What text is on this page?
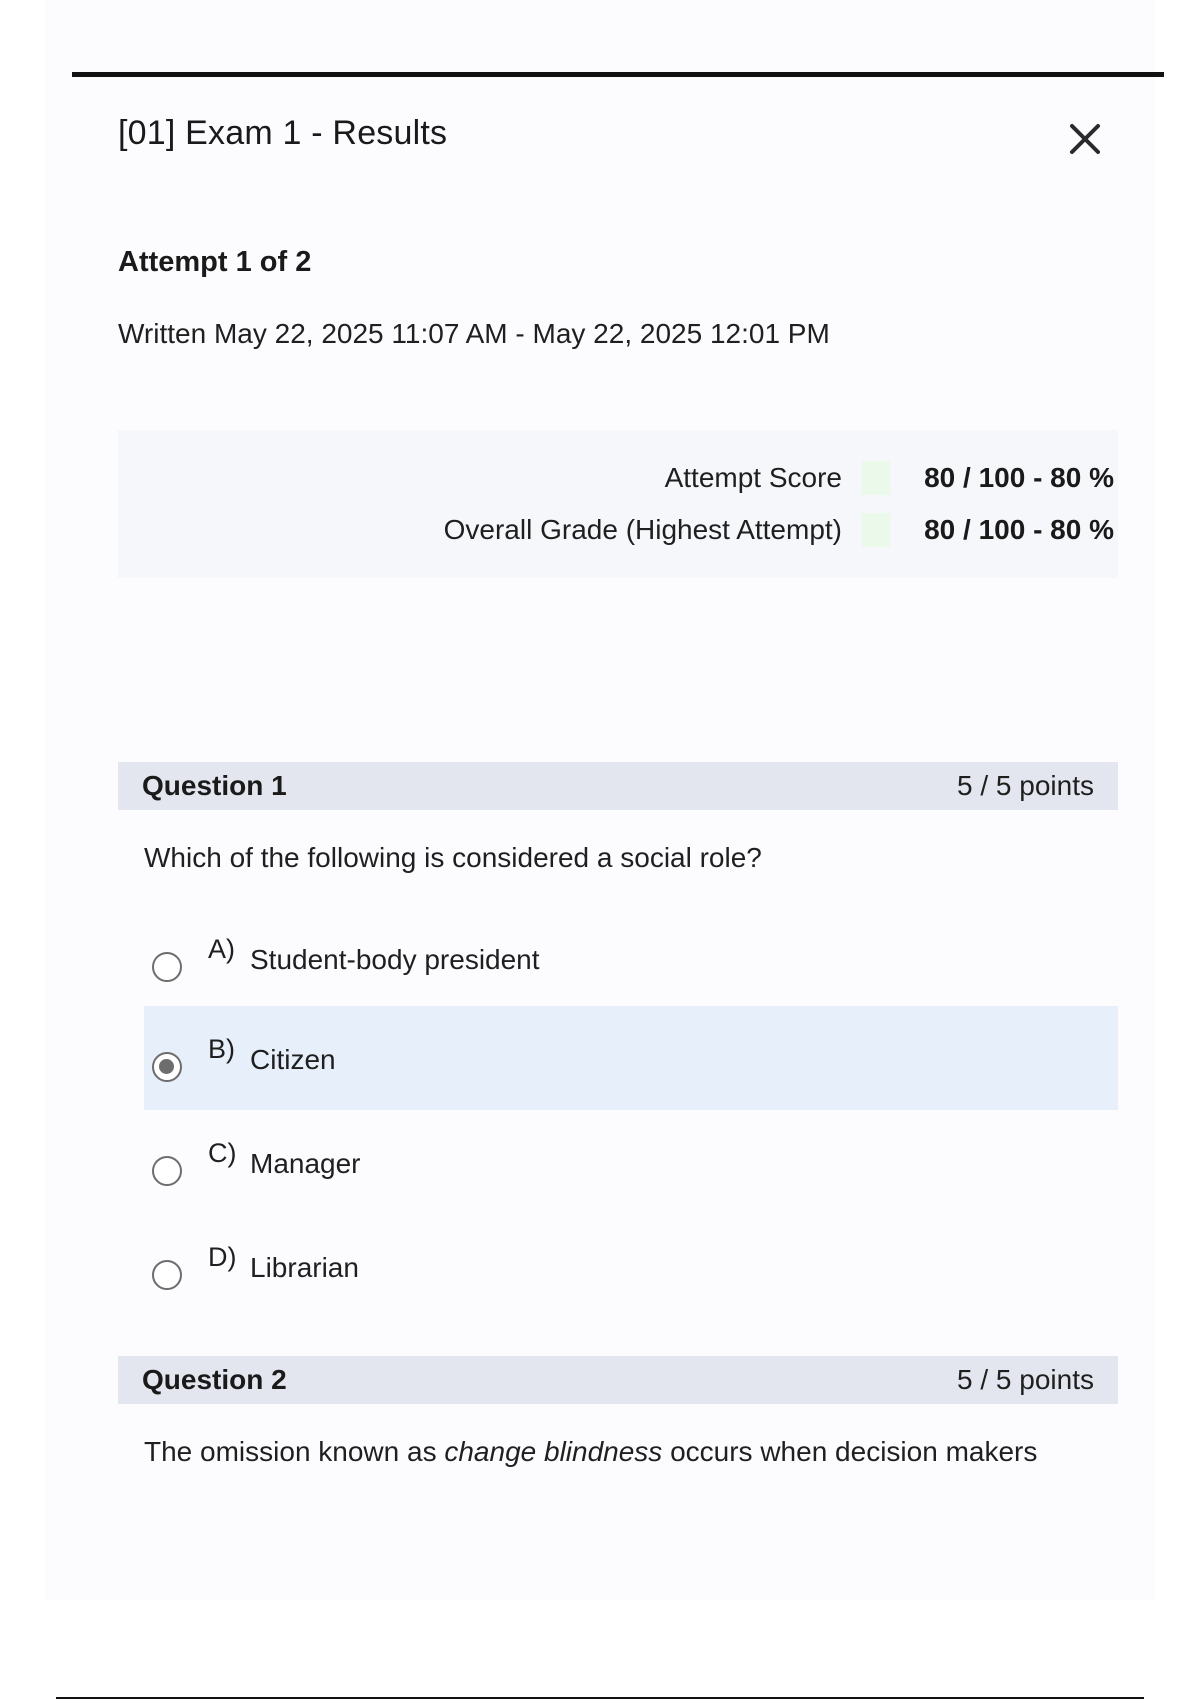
[01] Exam 1 - Results
Attempt 1 of 2
Written May 22, 2025 11:07 AM - May 22, 2025 12:01 PM
Attempt Score	80 / 100 - 80 %
Overall Grade (Highest Attempt)	80 / 100 - 80 %
Question 1	5 / 5 points
Which of the following is considered a social role?
A) Student-body president
B) Citizen
C) Manager
D) Librarian
Question 2	5 / 5 points
The omission known as change blindness occurs when decision makers
